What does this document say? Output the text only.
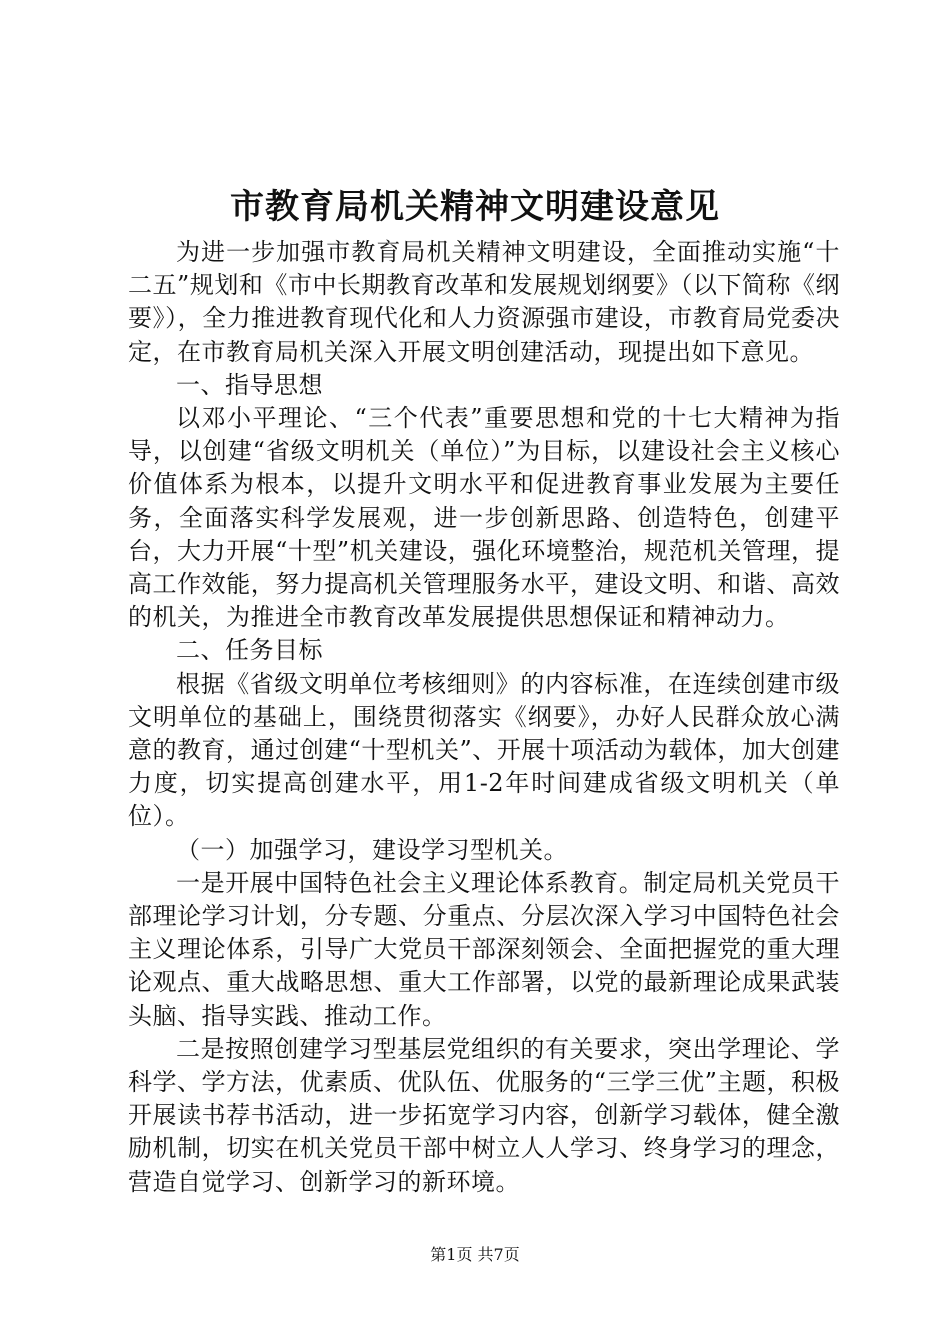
市教育局机关精神文明建设意见

为进一步加强市教育局机关精神文明建设，全面推动实施“十二五”规划和《市中长期教育改革和发展规划纲要》（以下简称《纲要》），全力推进教育现代化和人力资源强市建设，市教育局党委决定，在市教育局机关深入开展文明创建活动，现提出如下意见。

一、指导思想

以邓小平理论、“三个代表”重要思想和党的十七大精神为指导，以创建“省级文明机关（单位）”为目标，以建设社会主义核心价值体系为根本，以提升文明水平和促进教育事业发展为主要任务，全面落实科学发展观，进一步创新思路、创造特色，创建平台，大力开展“十型”机关建设，强化环境整治，规范机关管理，提高工作效能，努力提高机关管理服务水平，建设文明、和谐、高效的机关，为推进全市教育改革发展提供思想保证和精神动力。

二、任务目标

根据《省级文明单位考核细则》的内容标准，在连续创建市级文明单位的基础上，围绕贯彻落实《纲要》，办好人民群众放心满意的教育，通过创建“十型机关”、开展十项活动为载体，加大创建力度，切实提高创建水平，用1-2年时间建成省级文明机关（单位）。

（一）加强学习，建设学习型机关。

一是开展中国特色社会主义理论体系教育。制定局机关党员干部理论学习计划，分专题、分重点、分层次深入学习中国特色社会主义理论体系，引导广大党员干部深刻领会、全面把握党的重大理论观点、重大战略思想、重大工作部署，以党的最新理论成果武装头脑、指导实践、推动工作。

二是按照创建学习型基层党组织的有关要求，突出学理论、学科学、学方法，优素质、优队伍、优服务的“三学三优”主题，积极开展读书荐书活动，进一步拓宽学习内容，创新学习载体，健全激励机制，切实在机关党员干部中树立人人学习、终身学习的理念，营造自觉学习、创新学习的新环境。

第1页 共7页
